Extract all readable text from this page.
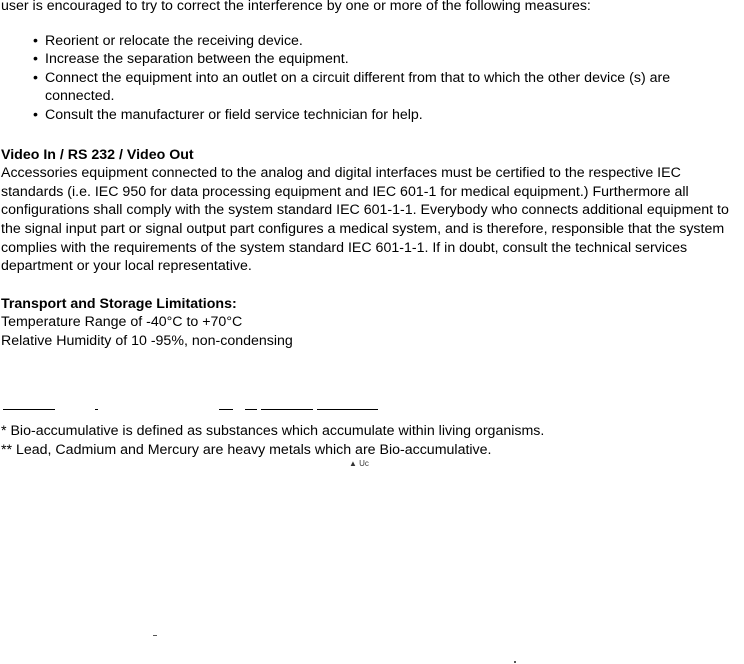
user is encouraged to try to correct the interference by one or more of the following measures:

• Reorient or relocate the receiving device.
• Increase the separation between the equipment.
• Connect the equipment into an outlet on a circuit different from that to which the other device (s) are connected.
• Consult the manufacturer or field service technician for help.

Video In / RS 232 / Video Out

Accessories equipment connected to the analog and digital interfaces must be certified to the respective IEC standards (i.e. IEC 950 for data processing equipment and IEC 601-1 for medical equipment.) Furthermore all configurations shall comply with the system standard IEC 601-1-1. Everybody who connects additional equipment to the signal input part or signal output part configures a medical system, and is therefore, responsible that the system complies with the requirements of the system standard IEC 601-1-1. If in doubt, consult the technical services department or your local representative.

Transport and Storage Limitations:

Temperature Range of -40°C to +70°C

Relative Humidity of 10 -95%, non-condensing

* Bio-accumulative is defined as substances which accumulate within living organisms.

** Lead, Cadmium and Mercury are heavy metals which are Bio-accumulative.

▲ Uc
